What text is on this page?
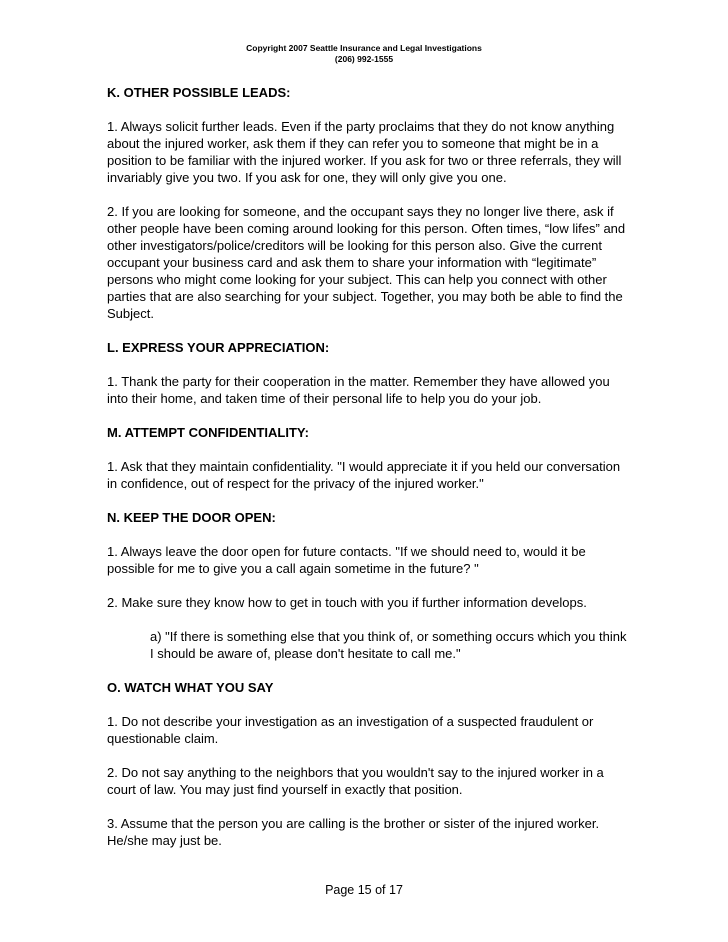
Copyright 2007 Seattle Insurance and Legal Investigations
(206) 992-1555
K. OTHER POSSIBLE LEADS:

1. Always solicit further leads. Even if the party proclaims that they do not know anything about the injured worker, ask them if they can refer you to someone that might be in a position to be familiar with the injured worker. If you ask for two or three referrals, they will invariably give you two. If you ask for one, they will only give you one.

2. If you are looking for someone, and the occupant says they no longer live there, ask if other people have been coming around looking for this person. Often times, “low lifes” and other investigators/police/creditors will be looking for this person also. Give the current occupant your business card and ask them to share your information with “legitimate” persons who might come looking for your subject. This can help you connect with other parties that are also searching for your subject. Together, you may both be able to find the Subject.

L. EXPRESS YOUR APPRECIATION:

1. Thank the party for their cooperation in the matter. Remember they have allowed you into their home, and taken time of their personal life to help you do your job.

M. ATTEMPT CONFIDENTIALITY:

1. Ask that they maintain confidentiality. "I would appreciate it if you held our conversation in confidence, out of respect for the privacy of the injured worker."

N. KEEP THE DOOR OPEN:

1. Always leave the door open for future contacts. "If we should need to, would it be possible for me to give you a call again sometime in the future? "

2. Make sure they know how to get in touch with you if further information develops.

a) "If there is something else that you think of, or something occurs which you think I should be aware of, please don't hesitate to call me."

O. WATCH WHAT YOU SAY

1. Do not describe your investigation as an investigation of a suspected fraudulent or questionable claim.

2. Do not say anything to the neighbors that you wouldn't say to the injured worker in a court of law. You may just find yourself in exactly that position.

3. Assume that the person you are calling is the brother or sister of the injured worker. He/she may just be.

Page 15 of 17
